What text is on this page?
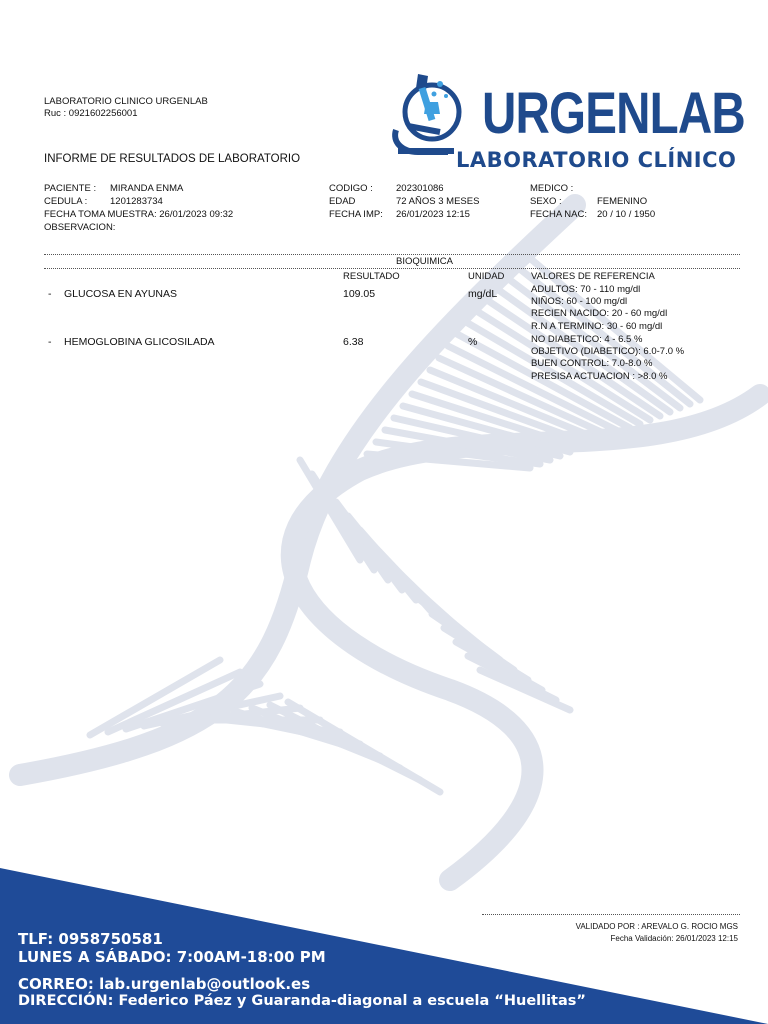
LABORATORIO CLINICO URGENLAB
Ruc : 0921602256001	URGENLAB
LABORATORIO CLÍNICO
INFORME DE RESULTADOS DE LABORATORIO
PACIENTE : MIRANDA ENMA
CEDULA : 1201283734
FECHA TOMA MUESTRA: 26/01/2023 09:32
OBSERVACION:
CODIGO : 202301086
EDAD	72 AÑOS 3 MESES
FECHA IMP: 26/01/2023 12:15
MEDICO :
SEXO :	FEMENINO
FECHA NAC: 20 / 10 / 1950
BIOQUIMICA
RESULTADO	UNIDAD	VALORES DE REFERENCIA
- GLUCOSA EN AYUNAS	109.05	mg/dL	ADULTOS: 70 - 110 mg/dl
NIÑOS: 60 - 100 mg/dl
RECIEN NACIDO: 20 - 60 mg/dl
R.N A TERMINO: 30 - 60 mg/dl
- HEMOGLOBINA GLICOSILADA	6.38	%	NO DIABETICO: 4 - 6.5 %
OBJETIVO (DIABETICO): 6.0-7.0 %
BUEN CONTROL: 7.0-8.0 %
PRESISA ACTUACION : >8.0 %
VALIDADO POR : AREVALO G. ROCIO MGS
Fecha Validación: 26/01/2023 12:15
TLF: 0958750581
LUNES A SÁBADO: 7:00AM-18:00 PM
CORREO: lab.urgenlab@outlook.es
DIRECCIÓN: Federico Páez y Guaranda-diagonal a escuela “Huellitas”
